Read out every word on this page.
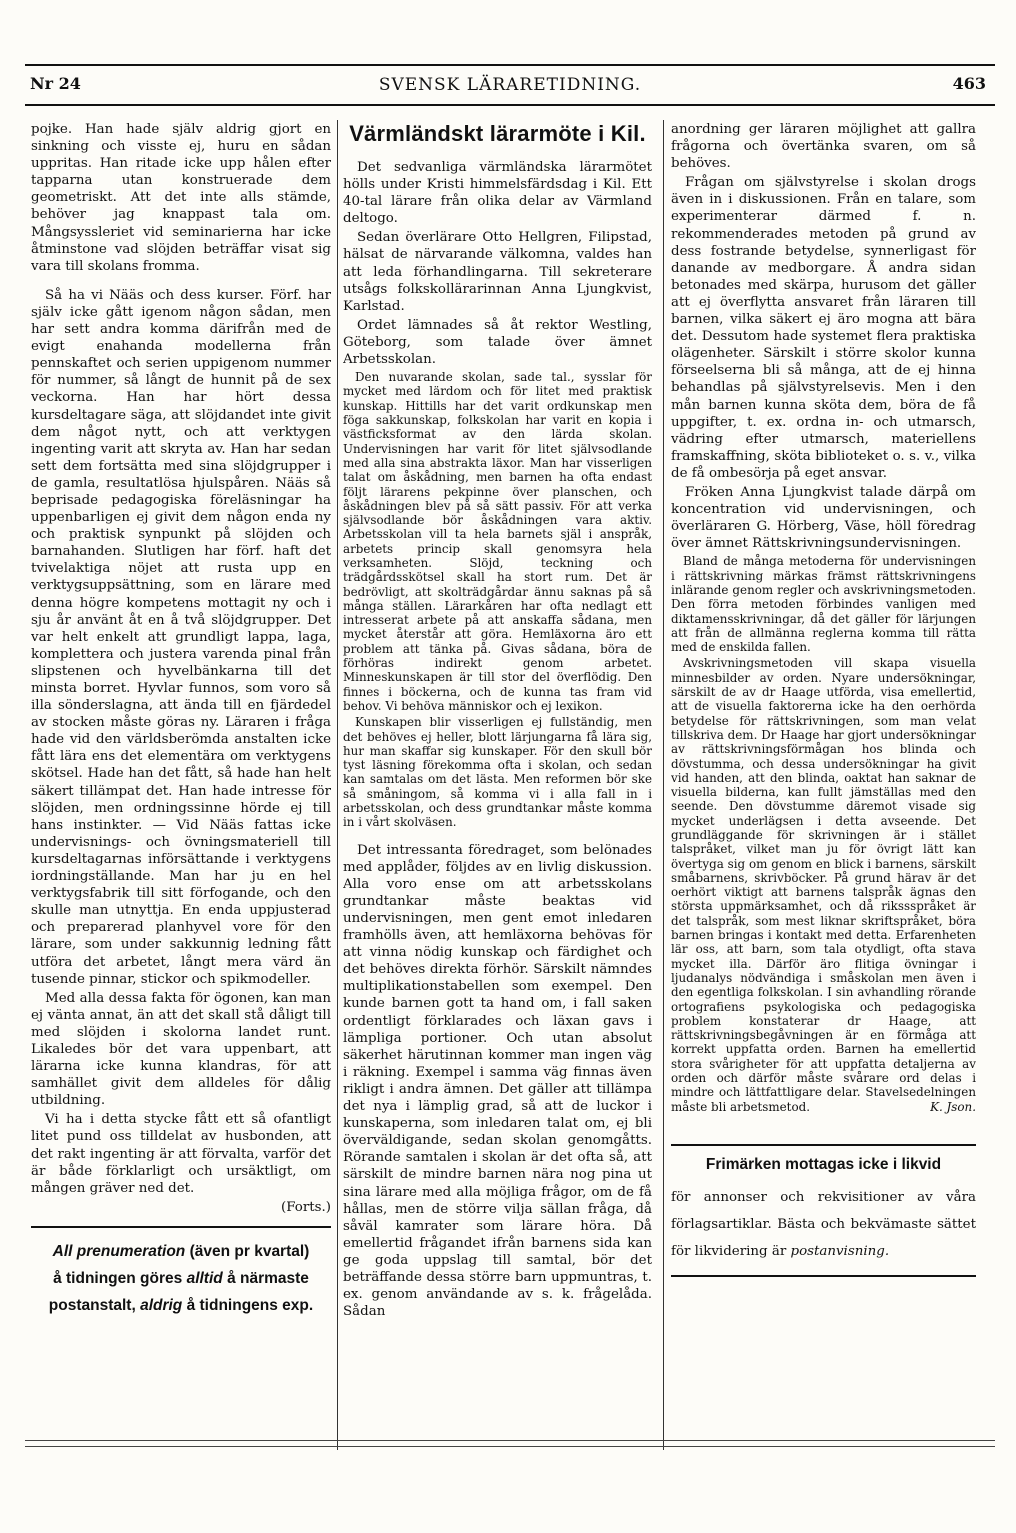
Nr 24	SVENSK LÄRARETIDNING.	463

pojke. Han hade själv aldrig gjort en sinkning och visste ej, huru en sådan uppritas. Han ritade icke upp hålen efter tapparna utan konstruerade dem geometriskt. Att det inte alls stämde, behöver jag knappast tala om. Mångsyssleriet vid seminarierna har icke åtminstone vad slöjden beträffar visat sig vara till skolans fromma.

Så ha vi Nääs och dess kurser. Förf. har själv icke gått igenom någon sådan, men har sett andra komma därifrån med de evigt enahanda modellerna från pennskaftet och serien uppigenom nummer för nummer, så långt de hunnit på de sex veckorna. Han har hört dessa kursdeltagare säga, att slöjdandet inte givit dem något nytt, och att verktygen ingenting varit att skryta av. Han har sedan sett dem fortsätta med sina slöjdgrupper i de gamla, resultatlösa hjulspåren. Nääs så beprisade pedagogiska föreläsningar ha uppenbarligen ej givit dem någon enda ny och praktisk synpunkt på slöjden och barnahanden. Slutligen har förf. haft det tvivelaktiga nöjet att rusta upp en verktygsuppsättning, som en lärare med denna högre kompetens mottagit ny och i sju år använt åt en å två slöjdgrupper. Det var helt enkelt att grundligt lappa, laga, komplettera och justera varenda pinal från slipstenen och hyvelbänkarna till det minsta borret. Hyvlar funnos, som voro så illa sönderslagna, att ända till en fjärdedel av stocken måste göras ny. Läraren i fråga hade vid den världsberömda anstalten icke fått lära ens det elementära om verktygens skötsel. Hade han det fått, så hade han helt säkert tillämpat det. Han hade intresse för slöjden, men ordningssinne hörde ej till hans instinkter. — Vid Nääs fattas icke undervisnings- och övningsmateriell till kursdeltagarnas införsättande i verktygens iordningställande. Man har ju en hel verktygsfabrik till sitt förfogande, och den skulle man utnyttja. En enda uppjusterad och preparerad planhyvel vore för den lärare, som under sakkunnig ledning fått utföra det arbetet, långt mera värd än tusende pinnar, stickor och spikmodeller.

Med alla dessa fakta för ögonen, kan man ej vänta annat, än att det skall stå dåligt till med slöjden i skolorna landet runt. Likaledes bör det vara uppenbart, att lärarna icke kunna klandras, för att samhället givit dem alldeles för dålig utbildning.

Vi ha i detta stycke fått ett så ofantligt litet pund oss tilldelat av husbonden, att det rakt ingenting är att förvalta, varför det är både förklarligt och ursäktligt, om mången gräver ned det.

(Forts.)

All prenumeration (även pr kvartal)
å tidningen göres alltid å närmaste
postanstalt, aldrig å tidningens exp.
Värmländskt lärarmöte i Kil.

Det sedvanliga värmländska lärarmötet hölls under Kristi himmelsfärdsdag i Kil. Ett 40-tal lärare från olika delar av Värmland deltogo.

Sedan överlärare Otto Hellgren, Filipstad, hälsat de närvarande välkomna, valdes han att leda förhandlingarna. Till sekreterare utsågs folkskollärarinnan Anna Ljungkvist, Karlstad.

Ordet lämnades så åt rektor Westling, Göteborg, som talade över ämnet Arbetsskolan.

Den nuvarande skolan, sade tal., sysslar för mycket med lärdom och för litet med praktisk kunskap. Hittills har det varit ordkunskap men föga sakkunskap, folkskolan har varit en kopia i västficksformat av den lärda skolan. Undervisningen har varit för litet självsodlande med alla sina abstrakta läxor. Man har visserligen talat om åskådning, men barnen ha ofta endast följt lärarens pekpinne över planschen, och åskådningen blev på så sätt passiv. För att verka självsodlande bör åskådningen vara aktiv. Arbetsskolan vill ta hela barnets själ i anspråk, arbetets princip skall genomsyra hela verksamheten. Slöjd, teckning och trädgårdsskötsel skall ha stort rum. Det är bedrövligt, att skolträdgårdar ännu saknas på så många ställen. Lärarkåren har ofta nedlagt ett intresserat arbete på att anskaffa sådana, men mycket återstår att göra. Hemläxorna äro ett problem att tänka på. Givas sådana, böra de förhöras indirekt genom arbetet. Minneskunskapen är till stor del överflödig. Den finnes i böckerna, och de kunna tas fram vid behov. Vi behöva människor och ej lexikon.

Kunskapen blir visserligen ej fullständig, men det behöves ej heller, blott lärjungarna få lära sig, hur man skaffar sig kunskaper. För den skull bör tyst läsning förekomma ofta i skolan, och sedan kan samtalas om det lästa. Men reformen bör ske så småningom, så komma vi i alla fall in i arbetsskolan, och dess grundtankar måste komma in i vårt skolväsen.

Det intressanta föredraget, som belönades med applåder, följdes av en livlig diskussion. Alla voro ense om att arbetsskolans grundtankar måste beaktas vid undervisningen, men gent emot inledaren framhölls även, att hemläxorna behövas för att vinna nödig kunskap och färdighet och det behöves direkta förhör. Särskilt nämndes multiplikationstabellen som exempel. Den kunde barnen gott ta hand om, i fall saken ordentligt förklarades och läxan gavs i lämpliga portioner. Och utan absolut säkerhet härutinnan kommer man ingen väg i räkning. Exempel i samma väg finnas även rikligt i andra ämnen. Det gäller att tillämpa det nya i lämplig grad, så att de luckor i kunskaperna, som inledaren talat om, ej bli överväldigande, sedan skolan genomgåtts. Rörande samtalen i skolan är det ofta så, att särskilt de mindre barnen nära nog pina ut sina lärare med alla möjliga frågor, om de få hållas, men de större vilja sällan fråga, då såväl kamrater som lärare höra. Då emellertid frågandet ifrån barnens sida kan ge goda uppslag till samtal, bör det beträffande dessa större barn uppmuntras, t. ex. genom användande av s. k. frågelåda. Sådan

anordning ger läraren möjlighet att gallra frågorna och övertänka svaren, om så behöves.

Frågan om självstyrelse i skolan drogs även in i diskussionen. Från en talare, som experimenterar därmed f. n. rekommenderades metoden på grund av dess fostrande betydelse, synnerligast för danande av medborgare. Å andra sidan betonades med skärpa, hurusom det gäller att ej överflytta ansvaret från läraren till barnen, vilka säkert ej äro mogna att bära det. Dessutom hade systemet flera praktiska olägenheter. Särskilt i större skolor kunna förseelserna bli så många, att de ej hinna behandlas på självstyrelsevis. Men i den mån barnen kunna sköta dem, böra de få uppgifter, t. ex. ordna in- och utmarsch, vädring efter utmarsch, materiellens framskaffning, sköta biblioteket o. s. v., vilka de få ombesörja på eget ansvar.

Fröken Anna Ljungkvist talade därpå om koncentration vid undervisningen, och överläraren G. Hörberg, Väse, höll föredrag över ämnet Rättskrivningsundervisningen.

Bland de många metoderna för undervisningen i rättskrivning märkas främst rättskrivningens inlärande genom regler och avskrivningsmetoden. Den förra metoden förbindes vanligen med diktamensskrivningar, då det gäller för lärjungen att från de allmänna reglerna komma till rätta med de enskilda fallen.

Avskrivningsmetoden vill skapa visuella minnesbilder av orden. Nyare undersökningar, särskilt de av dr Haage utförda, visa emellertid, att de visuella faktorerna icke ha den oerhörda betydelse för rättskrivningen, som man velat tillskriva dem. Dr Haage har gjort undersökningar av rättskrivningsförmågan hos blinda och dövstumma, och dessa undersökningar ha givit vid handen, att den blinda, oaktat han saknar de visuella bilderna, kan fullt jämställas med den seende. Den dövstumme däremot visade sig mycket underlägsen i detta avseende. Det grundläggande för skrivningen är i stället talspråket, vilket man ju för övrigt lätt kan övertyga sig om genom en blick i barnens, särskilt småbarnens, skrivböcker. På grund härav är det oerhört viktigt att barnens talspråk ägnas den största uppmärksamhet, och då rikssspråket är det talspråk, som mest liknar skriftspråket, böra barnen bringas i kontakt med detta. Erfarenheten lär oss, att barn, som tala otydligt, ofta stava mycket illa. Därför äro flitiga övningar i ljudanalys nödvändiga i småskolan men även i den egentliga folkskolan. I sin avhandling rörande ortografiens psykologiska och pedagogiska problem konstaterar dr Haage, att rättskrivningsbegåvningen är en förmåga att korrekt uppfatta orden. Barnen ha emellertid stora svårigheter för att uppfatta detaljerna av orden och därför måste svårare ord delas i mindre och lättfattligare delar. Stavelsedelningen måste bli arbetsmetod.	K. Json.

Frimärken mottagas icke i likvid
för annonser och rekvisitioner av våra förlagsartiklar. Bästa och bekvämaste sättet för likvidering är postanvisning.
